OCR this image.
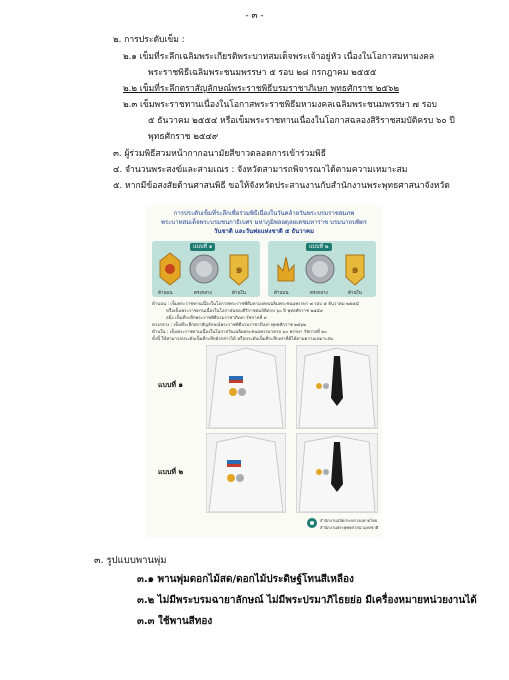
- ๓ -
๒. การประดับเข็ม :
๒.๑ เข็มที่ระลึกเฉลิมพระเกียรติพระบาทสมเด็จพระเจ้าอยู่หัว เนื่องในโอกาสมหามงคล
พระราชพิธีเฉลิมพระชนมพรรษา ๕ รอบ ๒๘ กรกฎาคม ๒๕๕๕
๒.๒ เข็มที่ระลึกตราสัญลักษณ์พระราชพิธีบรมราชาภิเษก พุทธศักราช ๒๕๖๒
๒.๓ เข็มพระราชทานเนื่องในโอกาสพระราชพิธีมหามงคลเฉลิมพระชนมพรรษา ๗ รอบ
๕ ธันวาคม ๒๕๕๔ หรือเข็มพระราชทานเนื่องในโอกาสฉลองสิริราชสมบัติครบ ๖๐ ปี
พุทธศักราช ๒๕๔๙
๓. ผู้ร่วมพิธีสวมหน้ากากอนามัยสีขาวตลอดการเข้าร่วมพิธี
๔. จำนวนพระสงฆ์และสามเณร : จังหวัดสามารถพิจารณาได้ตามความเหมาะสม
๕. หากมีข้อสงสัยด้านศาสนพิธี ขอให้จังหวัดประสานงานกับสำนักงานพระพุทธศาสนาจังหวัด
การประดับเข็มที่ระลึกเพื่อร่วมพิธีเนื่องในวันคล้ายวันพระบรมราชสมภพ
พระบาทสมเด็จพระบรมชนกาธิเบศร มหาภูมิพลอดุลยเดชมหาราช บรมนาถบพิตร
วันชาติ และวันพ่อแห่งชาติ ๕ ธันวาคม
แบบที่ ๑
๑
ด้านบน	ตรงกลาง	ด้านใน
แบบที่ ๒
๑
ด้านบน	ตรงกลาง	ด้านใน
ด้านบน : เข็มพระราชทานเนื่องในโอกาสพระราชพิธีมหามงคลเฉลิมพระชนมพรรษา ๗ รอบ ๕ ธันวาคม ๒๕๕๔
หรือเข็มพระราชทานเนื่องในโอกาสฉลองสิริราชสมบัติครบ ๖๐ ปี พุทธศักราช ๒๕๔๙
อนึ่ง เข็มที่ระลึกพระราชพิธีบรมราชาภิเษก รัชกาลที่ ๙
ตรงกลาง : เข็มที่ระลึกตราสัญลักษณ์พระราชพิธีบรมราชาภิเษก พุทธศักราช ๒๕๖๒
ด้านใน : เข็มพระราชทานเนื่องในโอกาสวันเฉลิมพระชนมพรรษาครบ ๖๐ พรรษา รัชกาลที่ ๑๐
ทั้งนี้ ให้สามารถประดับเข็มที่ระลึกดังกล่าวได้ หรือประดับเข็มที่ระลึกเท่าที่มีได้ตามความเหมาะสม
แบบที่ ๑
แบบที่ ๒
สำนักงานปลัดกระทรวงมหาดไทย
สำนักงานพระพุทธศาสนาแห่งชาติ
๓. รูปแบบพานพุ่ม
๓.๑ พานพุ่มดอกไม้สด/ดอกไม้ประดิษฐ์โทนสีเหลือง
๓.๒ ไม่มีพระบรมฉายาลักษณ์ ไม่มีพระปรมาภิไธยย่อ มีเครื่องหมายหน่วยงานได้
๓.๓ ใช้พานสีทอง
